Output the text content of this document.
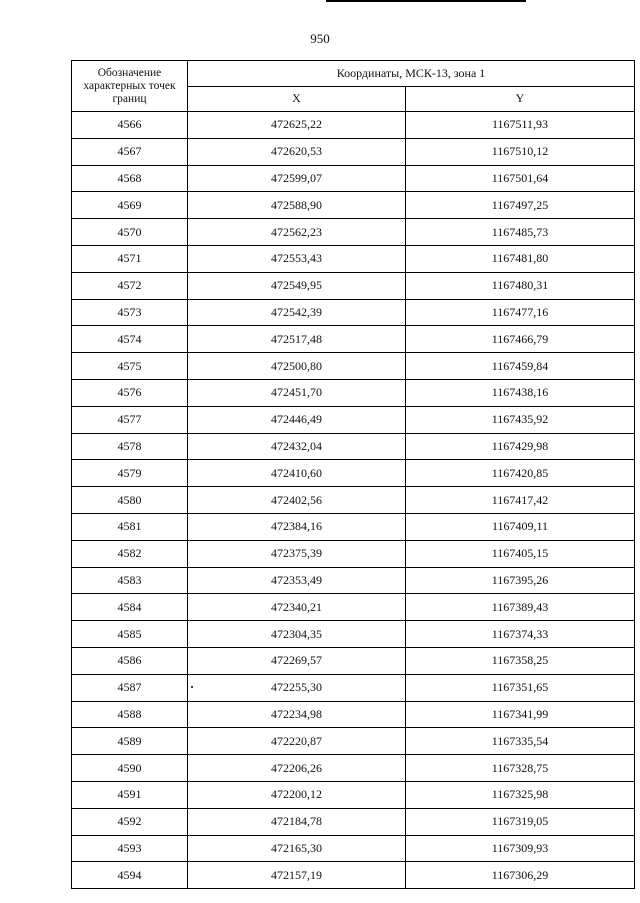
950
Обозначение характерных точек границ	Координаты, МСК-13, зона 1	
	X	Y
4566	472625,22	1167511,93
4567	472620,53	1167510,12
4568	472599,07	1167501,64
4569	472588,90	1167497,25
4570	472562,23	1167485,73
4571	472553,43	1167481,80
4572	472549,95	1167480,31
4573	472542,39	1167477,16
4574	472517,48	1167466,79
4575	472500,80	1167459,84
4576	472451,70	1167438,16
4577	472446,49	1167435,92
4578	472432,04	1167429,98
4579	472410,60	1167420,85
4580	472402,56	1167417,42
4581	472384,16	1167409,11
4582	472375,39	1167405,15
4583	472353,49	1167395,26
4584	472340,21	1167389,43
4585	472304,35	1167374,33
4586	472269,57	1167358,25
4587	472255,30	1167351,65
4588	472234,98	1167341,99
4589	472220,87	1167335,54
4590	472206,26	1167328,75
4591	472200,12	1167325,98
4592	472184,78	1167319,05
4593	472165,30	1167309,93
4594	472157,19	1167306,29
